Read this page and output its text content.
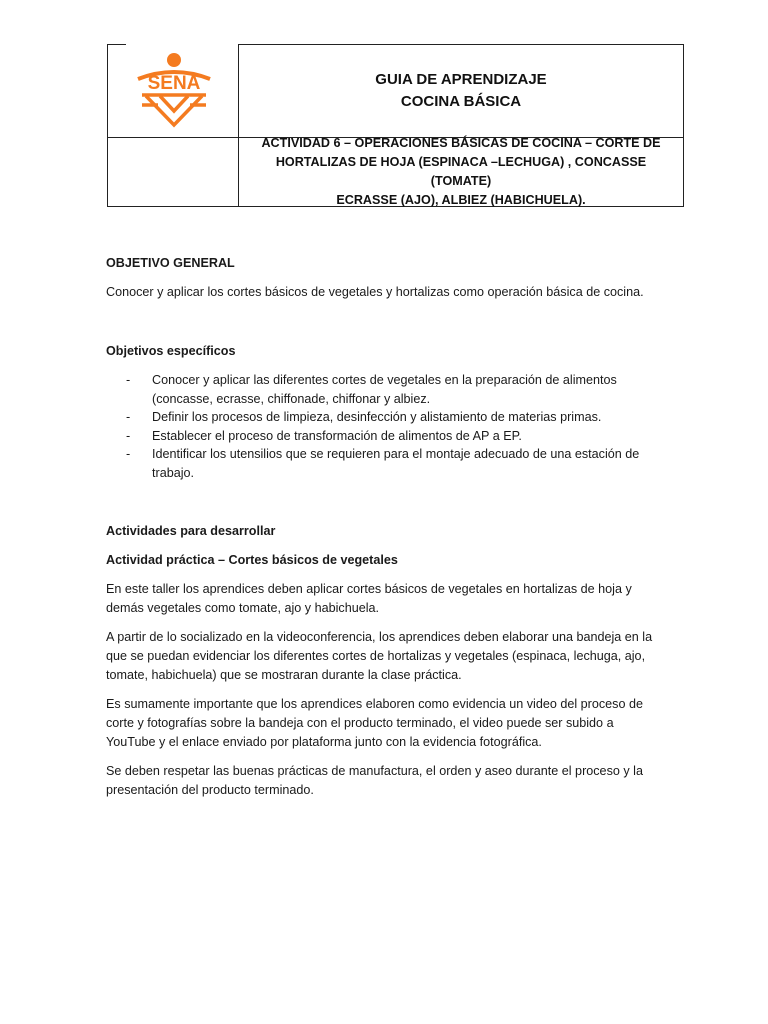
SENA	GUIA DE APRENDIZAJE
COCINA BÁSICA
ACTIVIDAD 6 – OPERACIONES BÁSICAS DE COCINA – CORTE DE
HORTALIZAS DE HOJA (ESPINACA –LECHUGA) , CONCASSE (TOMATE)
ECRASSE (AJO), ALBIEZ (HABICHUELA).
OBJETIVO GENERAL
Conocer y aplicar los cortes básicos de vegetales y hortalizas como operación básica de cocina.
Objetivos específicos
- Conocer y aplicar las diferentes cortes de vegetales en la preparación de alimentos
(concasse, ecrasse, chiffonade, chiffonar y albiez.
- Definir los procesos de limpieza, desinfección y alistamiento de materias primas.
- Establecer el proceso de transformación de alimentos de AP a EP.
- Identificar los utensilios que se requieren para el montaje adecuado de una estación de
trabajo.
Actividades para desarrollar
Actividad práctica – Cortes básicos de vegetales
En este taller los aprendices deben aplicar cortes básicos de vegetales en hortalizas de hoja y
demás vegetales como tomate, ajo y habichuela.
A partir de lo socializado en la videoconferencia, los aprendices deben elaborar una bandeja en la
que se puedan evidenciar los diferentes cortes de hortalizas y vegetales (espinaca, lechuga, ajo,
tomate, habichuela) que se mostraran durante la clase práctica.
Es sumamente importante que los aprendices elaboren como evidencia un video del proceso de
corte y fotografías sobre la bandeja con el producto terminado, el video puede ser subido a
YouTube y el enlace enviado por plataforma junto con la evidencia fotográfica.
Se deben respetar las buenas prácticas de manufactura, el orden y aseo durante el proceso y la
presentación del producto terminado.
